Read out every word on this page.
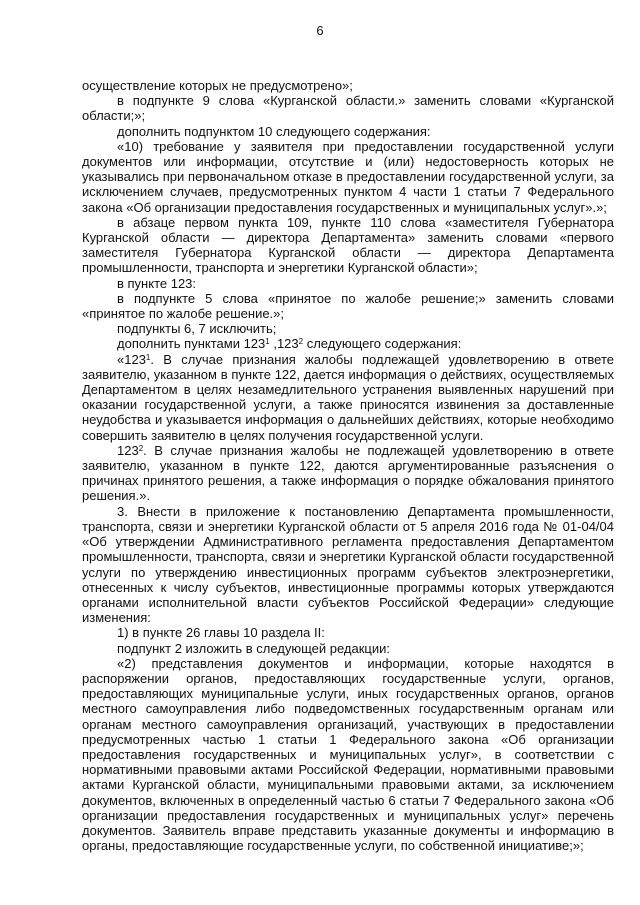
6

осуществление которых не предусмотрено»;

в подпункте 9 слова «Курганской области.» заменить словами «Курганской области;»;

дополнить подпунктом 10 следующего содержания:

«10) требование у заявителя при предоставлении государственной услуги документов или информации, отсутствие и (или) недостоверность которых не указывались при первоначальном отказе в предоставлении государственной услуги, за исключением случаев, предусмотренных пунктом 4 части 1 статьи 7 Федерального закона «Об организации предоставления государственных и муниципальных услуг».»;

в абзаце первом пункта 109, пункте 110 слова «заместителя Губернатора Курганской области — директора Департамента» заменить словами «первого заместителя Губернатора Курганской области — директора Департамента промышленности, транспорта и энергетики Курганской области»;

в пункте 123:

в подпункте 5 слова «принятое по жалобе решение;» заменить словами «принятое по жалобе решение.»;

подпункты 6, 7 исключить;

дополнить пунктами $123^1$ ,123$^2$ следующего содержания:

«$123^1$. В случае признания жалобы подлежащей удовлетворению в ответе заявителю, указанном в пункте 122, дается информация о действиях, осуществляемых Департаментом в целях незамедлительного устранения выявленных нарушений при оказании государственной услуги, а также приносятся извинения за доставленные неудобства и указывается информация о дальнейших действиях, которые необходимо совершить заявителю в целях получения государственной услуги.

$123^2$. В случае признания жалобы не подлежащей удовлетворению в ответе заявителю, указанном в пункте 122, даются аргументированные разъяснения о причинах принятого решения, а также информация о порядке обжалования принятого решения.».

3. Внести в приложение к постановлению Департамента промышленности, транспорта, связи и энергетики Курганской области от 5 апреля 2016 года № 01-04/04 «Об утверждении Административного регламента предоставления Департаментом промышленности, транспорта, связи и энергетики Курганской области государственной услуги по утверждению инвестиционных программ субъектов электроэнергетики, отнесенных к числу субъектов, инвестиционные программы которых утверждаются органами исполнительной власти субъектов Российской Федерации» следующие изменения:

1) в пункте 26 главы 10 раздела II:

подпункт 2 изложить в следующей редакции:

«2) представления документов и информации, которые находятся в распоряжении органов, предоставляющих государственные услуги, органов, предоставляющих муниципальные услуги, иных государственных органов, органов местного самоуправления либо подведомственных государственным органам или органам местного самоуправления организаций, участвующих в предоставлении предусмотренных частью 1 статьи 1 Федерального закона «Об организации предоставления государственных и муниципальных услуг», в соответствии с нормативными правовыми актами Российской Федерации, нормативными правовыми актами Курганской области, муниципальными правовыми актами, за исключением документов, включенных в определенный частью 6 статьи 7 Федерального закона «Об организации предоставления государственных и муниципальных услуг» перечень документов. Заявитель вправе представить указанные документы и информацию в органы, предоставляющие государственные услуги, по собственной инициативе;»;
